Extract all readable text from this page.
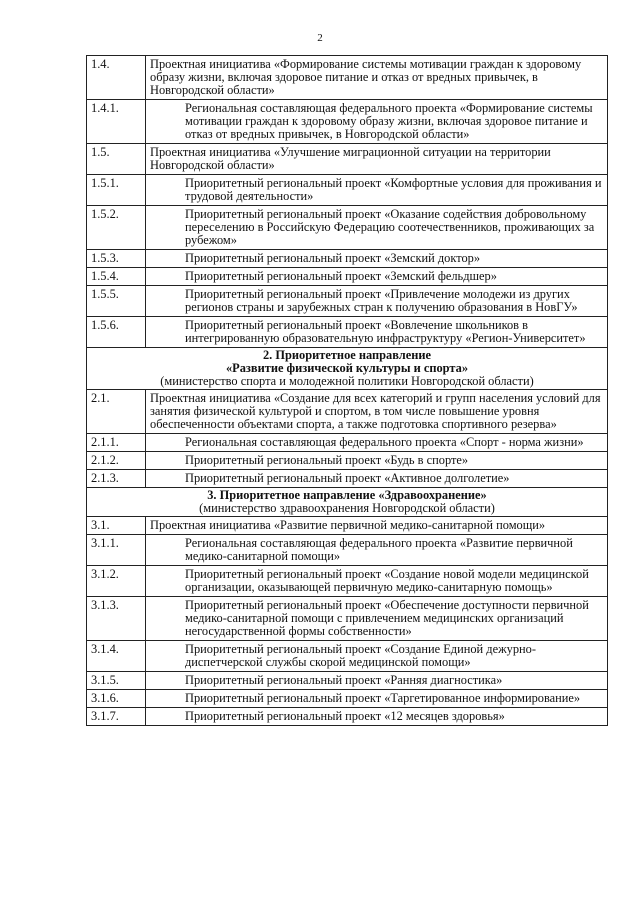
2
1.4.	Проектная инициатива «Формирование системы мотивации граждан к здоровому образу жизни, включая здоровое питание и отказ от вредных привычек, в Новгородской области»
1.4.1.	Региональная составляющая федерального проекта «Формирование системы мотивации граждан к здоровому образу жизни, включая здоровое питание и отказ от вредных привычек, в Новгородской области»
1.5.	Проектная инициатива «Улучшение миграционной ситуации на территории Новгородской области»
1.5.1.	Приоритетный региональный проект «Комфортные условия для проживания и трудовой деятельности»
1.5.2.	Приоритетный региональный проект «Оказание содействия добровольному переселению в Российскую Федерацию соотечественников, проживающих за рубежом»
1.5.3.	Приоритетный региональный проект «Земский доктор»
1.5.4.	Приоритетный региональный проект «Земский фельдшер»
1.5.5.	Приоритетный региональный проект «Привлечение молодежи из других регионов страны и зарубежных стран к получению образования в НовГУ»
1.5.6.	Приоритетный региональный проект «Вовлечение школьников в интегрированную образовательную инфраструктуру «Регион-Университет»

2. Приоритетное направление
«Развитие физической культуры и спорта»
(министерство спорта и молодежной политики Новгородской области)	

2.1.	Проектная инициатива «Создание для всех категорий и групп населения условий для занятия физической культурой и спортом, в том числе повышение уровня обеспеченности объектами спорта, а также подготовка спортивного резерва»
2.1.1.	Региональная составляющая федерального проекта «Спорт - норма жизни»
2.1.2.	Приоритетный региональный проект «Будь в спорте»
2.1.3.	Приоритетный региональный проект «Активное долголетие»

3. Приоритетное направление «Здравоохранение»
(министерство здравоохранения Новгородской области)	

3.1.	Проектная инициатива «Развитие первичной медико-санитарной помощи»
3.1.1.	Региональная составляющая федерального проекта «Развитие первичной медико-санитарной помощи»
3.1.2.	Приоритетный региональный проект «Создание новой модели медицинской организации, оказывающей первичную медико-санитарную помощь»
3.1.3.	Приоритетный региональный проект «Обеспечение доступности первичной медико-санитарной помощи с привлечением медицинских организаций негосударственной формы собственности»
3.1.4.	Приоритетный региональный проект «Создание Единой дежурно-диспетчерской службы скорой медицинской помощи»
3.1.5.	Приоритетный региональный проект «Ранняя диагностика»
3.1.6.	Приоритетный региональный проект «Таргетированное информирование»
3.1.7.	Приоритетный региональный проект «12 месяцев здоровья»
